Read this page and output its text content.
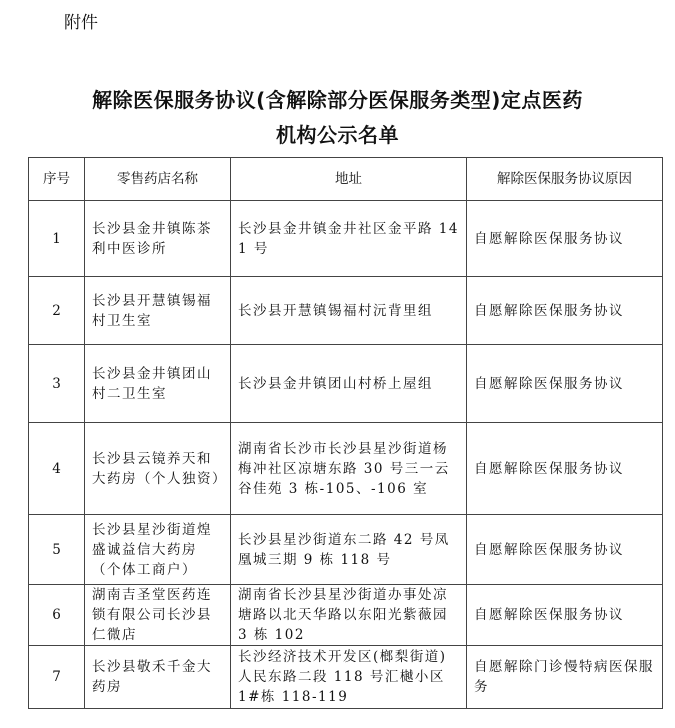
附件
解除医保服务协议(含解除部分医保服务类型)定点医药
机构公示名单
序号	零售药店名称	地址	解除医保服务协议原因
1	长沙县金井镇陈茶利中医诊所	长沙县金井镇金井社区金平路 141 号	自愿解除医保服务协议
2	长沙县开慧镇锡福村卫生室	长沙县开慧镇锡福村沅背里组	自愿解除医保服务协议
3	长沙县金井镇团山村二卫生室	长沙县金井镇团山村桥上屋组	自愿解除医保服务协议
4	长沙县云镜养天和大药房（个人独资）	湖南省长沙市长沙县星沙街道杨梅冲社区凉塘东路 30 号三一云谷佳苑 3 栋-105、-106 室	自愿解除医保服务协议
5	长沙县星沙街道煌盛诚益信大药房（个体工商户）	长沙县星沙街道东二路 42 号凤凰城三期 9 栋 118 号	自愿解除医保服务协议
6	湖南吉圣堂医药连锁有限公司长沙县仁微店	湖南省长沙县星沙街道办事处凉塘路以北天华路以东阳光紫薇园 3 栋 102	自愿解除医保服务协议
7	长沙县敬禾千金大药房	长沙经济技术开发区(榔梨街道)人民东路二段 118 号汇樾小区 1#栋 118-119	自愿解除门诊慢特病医保服务
